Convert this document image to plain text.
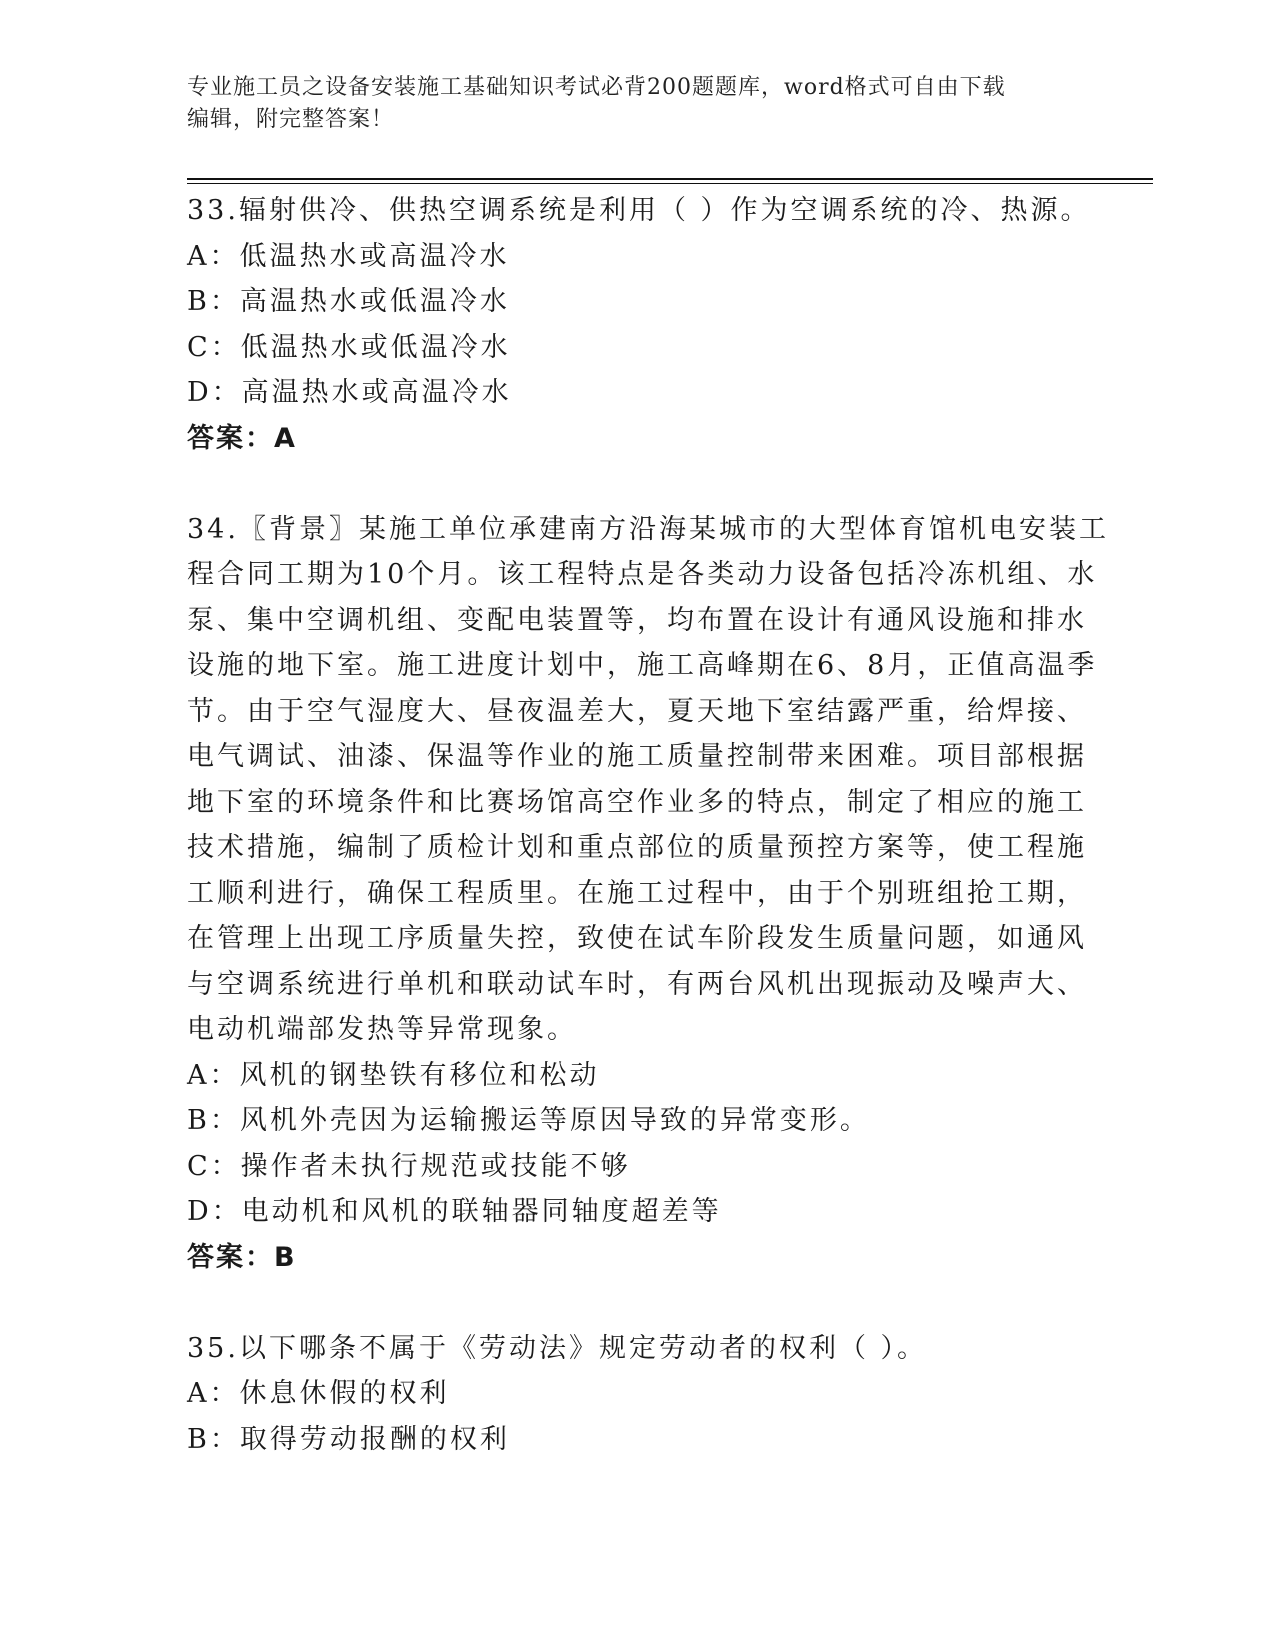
专业施工员之设备安装施工基础知识考试必背200题题库，word格式可自由下载
编辑，附完整答案！
33.辐射供冷、供热空调系统是利用（ ）作为空调系统的冷、热源。
A：低温热水或高温冷水
B：高温热水或低温冷水
C：低温热水或低温冷水
D：高温热水或高温冷水
答案：A
34.〖背景〗某施工单位承建南方沿海某城市的大型体育馆机电安装工
程合同工期为10个月。该工程特点是各类动力设备包括冷冻机组、水
泵、集中空调机组、变配电装置等，均布置在设计有通风设施和排水
设施的地下室。施工进度计划中，施工高峰期在6、8月，正值高温季
节。由于空气湿度大、昼夜温差大，夏天地下室结露严重，给焊接、
电气调试、油漆、保温等作业的施工质量控制带来困难。项目部根据
地下室的环境条件和比赛场馆高空作业多的特点，制定了相应的施工
技术措施，编制了质检计划和重点部位的质量预控方案等，使工程施
工顺利进行，确保工程质里。在施工过程中，由于个别班组抢工期，
在管理上出现工序质量失控，致使在试车阶段发生质量问题，如通风
与空调系统进行单机和联动试车时，有两台风机出现振动及噪声大、
电动机端部发热等异常现象。
A：风机的钢垫铁有移位和松动
B：风机外壳因为运输搬运等原因导致的异常变形。
C：操作者未执行规范或技能不够
D：电动机和风机的联轴器同轴度超差等
答案：B
35.以下哪条不属于《劳动法》规定劳动者的权利（ ）。
A：休息休假的权利
B：取得劳动报酬的权利
